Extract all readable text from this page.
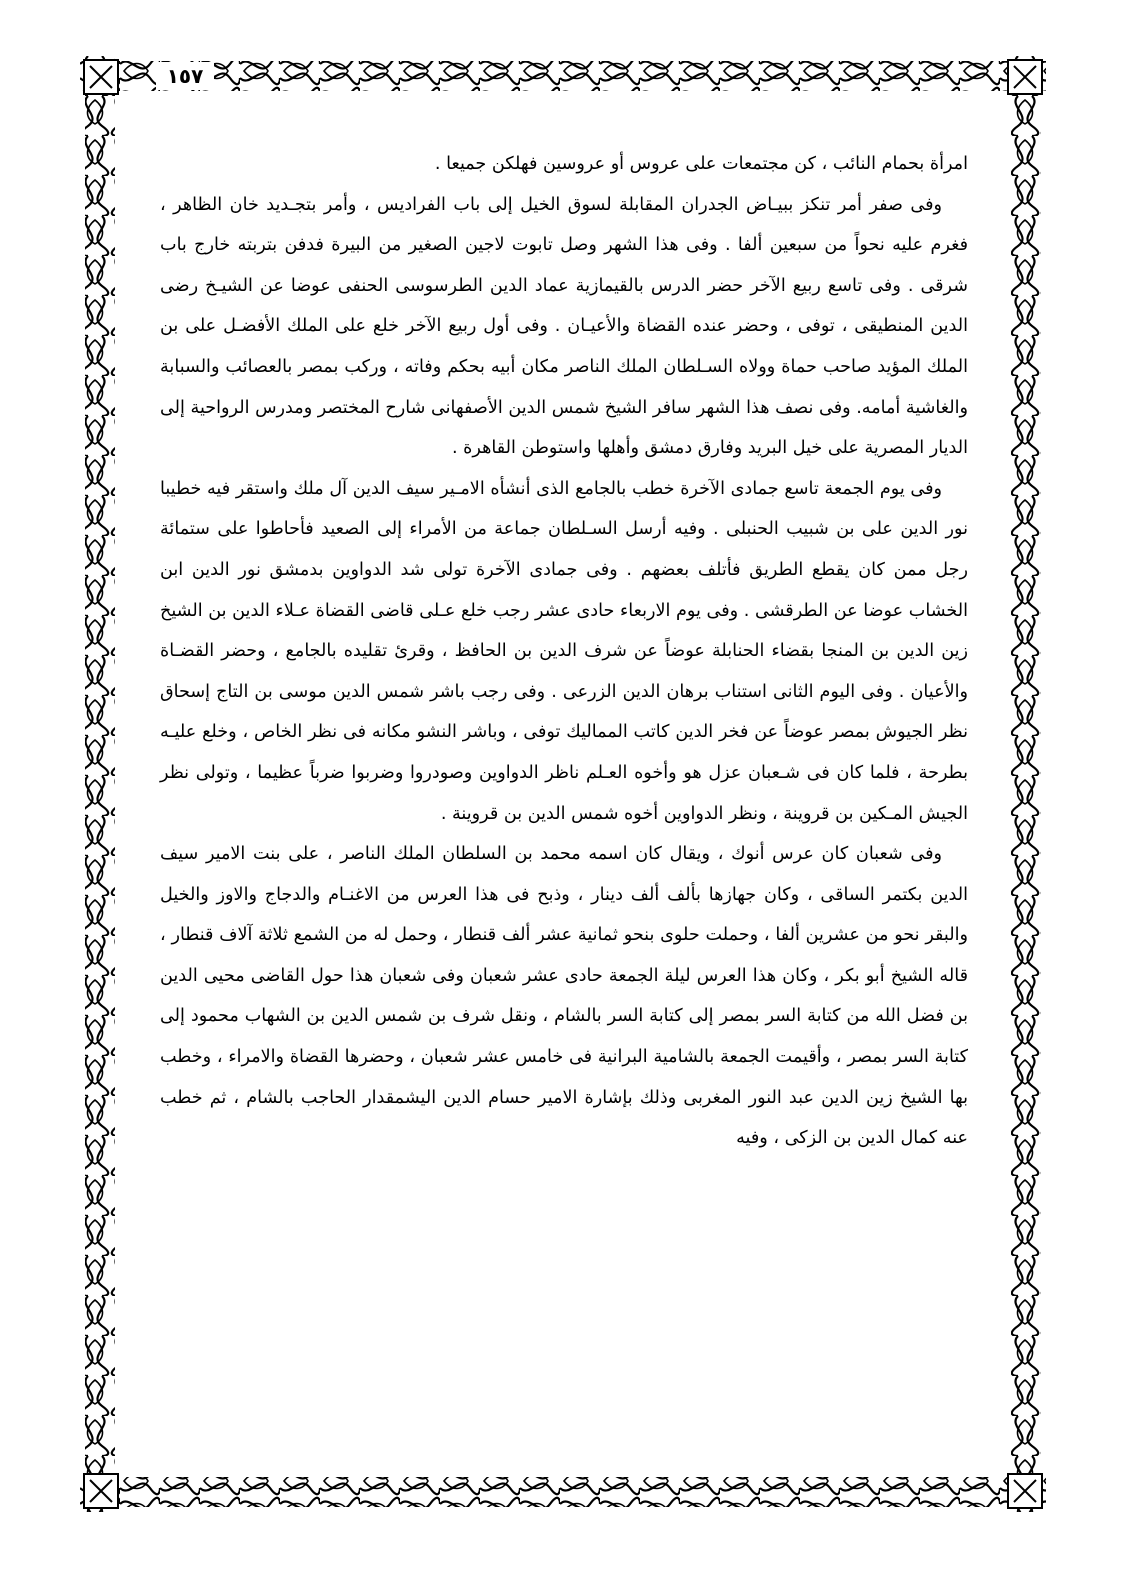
١٥٧

امرأة بحمام النائب ، كن مجتمعات على عروس أو عروسين فهلكن جميعا .

وفى صفر أمر تنكز ببيـاض الجدران المقابلة لسوق الخيل إلى باب الفراديس ، وأمر بتجـديد خان الظاهر ، فغرم عليه نحواً من سبعين ألفا . وفى هذا الشهر وصل تابوت لاجين الصغير من البيرة فدفن بتربته خارج باب شرقى . وفى تاسع ربيع الآخر حضر الدرس بالقيمازية عماد الدين الطرسوسى الحنفى عوضا عن الشيـخ رضى الدين المنطيقى ، توفى ، وحضر عنده القضاة والأعيـان . وفى أول ربيع الآخر خلع على الملك الأفضـل على بن الملك المؤيد صاحب حماة وولاه السـلطان الملك الناصر مكان أبيه بحكم وفاته ، وركب بمصر بالعصائب والسبابة والغاشية أمامه. وفى نصف هذا الشهر سافر الشيخ شمس الدين الأصفهانى شارح المختصر ومدرس الرواحية إلى الديار المصرية على خيل البريد وفارق دمشق وأهلها واستوطن القاهرة .

وفى يوم الجمعة تاسع جمادى الآخرة خطب بالجامع الذى أنشأه الامـير سيف الدين آل ملك واستقر فيه خطيبا نور الدين على بن شبيب الحنبلى . وفيه أرسل السـلطان جماعة من الأمراء إلى الصعيد فأحاطوا على ستمائة رجل ممن كان يقطع الطريق فأتلف بعضهم . وفى جمادى الآخرة تولى شد الدواوين بدمشق نور الدين ابن الخشاب عوضا عن الطرقشى . وفى يوم الاربعاء حادى عشر رجب خلع عـلى قاضى القضاة عـلاء الدين بن الشيخ زين الدين بن المنجا بقضاء الحنابلة عوضاً عن شرف الدين بن الحافظ ، وقرئ تقليده بالجامع ، وحضر القضـاة والأعيان . وفى اليوم الثانى استناب برهان الدين الزرعى . وفى رجب باشر شمس الدين موسى بن التاج إسحاق نظر الجيوش بمصر عوضاً عن فخر الدين كاتب المماليك توفى ، وباشر النشو مكانه فى نظر الخاص ، وخلع عليـه بطرحة ، فلما كان فى شـعبان عزل هو وأخوه العـلم ناظر الدواوين وصودروا وضربوا ضرباً عظيما ، وتولى نظر الجيش المـكين بن قروينة ، ونظر الدواوين أخوه شمس الدين بن قروينة .

وفى شعبان كان عرس أنوك ، ويقال كان اسمه محمد بن السلطان الملك الناصر ، على بنت الامير سيف الدين بكتمر الساقى ، وكان جهازها بألف ألف دينار ، وذبح فى هذا العرس من الاغنـام والدجاج والاوز والخيل والبقر نحو من عشرين ألفا ، وحملت حلوى بنحو ثمانية عشر ألف قنطار ، وحمل له من الشمع ثلاثة آلاف قنطار ، قاله الشيخ أبو بكر ، وكان هذا العرس ليلة الجمعة حادى عشر شعبان وفى شعبان هذا حول القاضى محيى الدين بن فضل الله من كتابة السر بمصر إلى كتابة السر بالشام ، ونقل شرف بن شمس الدين بن الشهاب محمود إلى كتابة السر بمصر ، وأقيمت الجمعة بالشامية البرانية فى خامس عشر شعبان ، وحضرها القضاة والامراء ، وخطب بها الشيخ زين الدين عبد النور المغربى وذلك بإشارة الامير حسام الدين اليشمقدار الحاجب بالشام ، ثم خطب عنه كمال الدين بن الزكى ، وفيه
